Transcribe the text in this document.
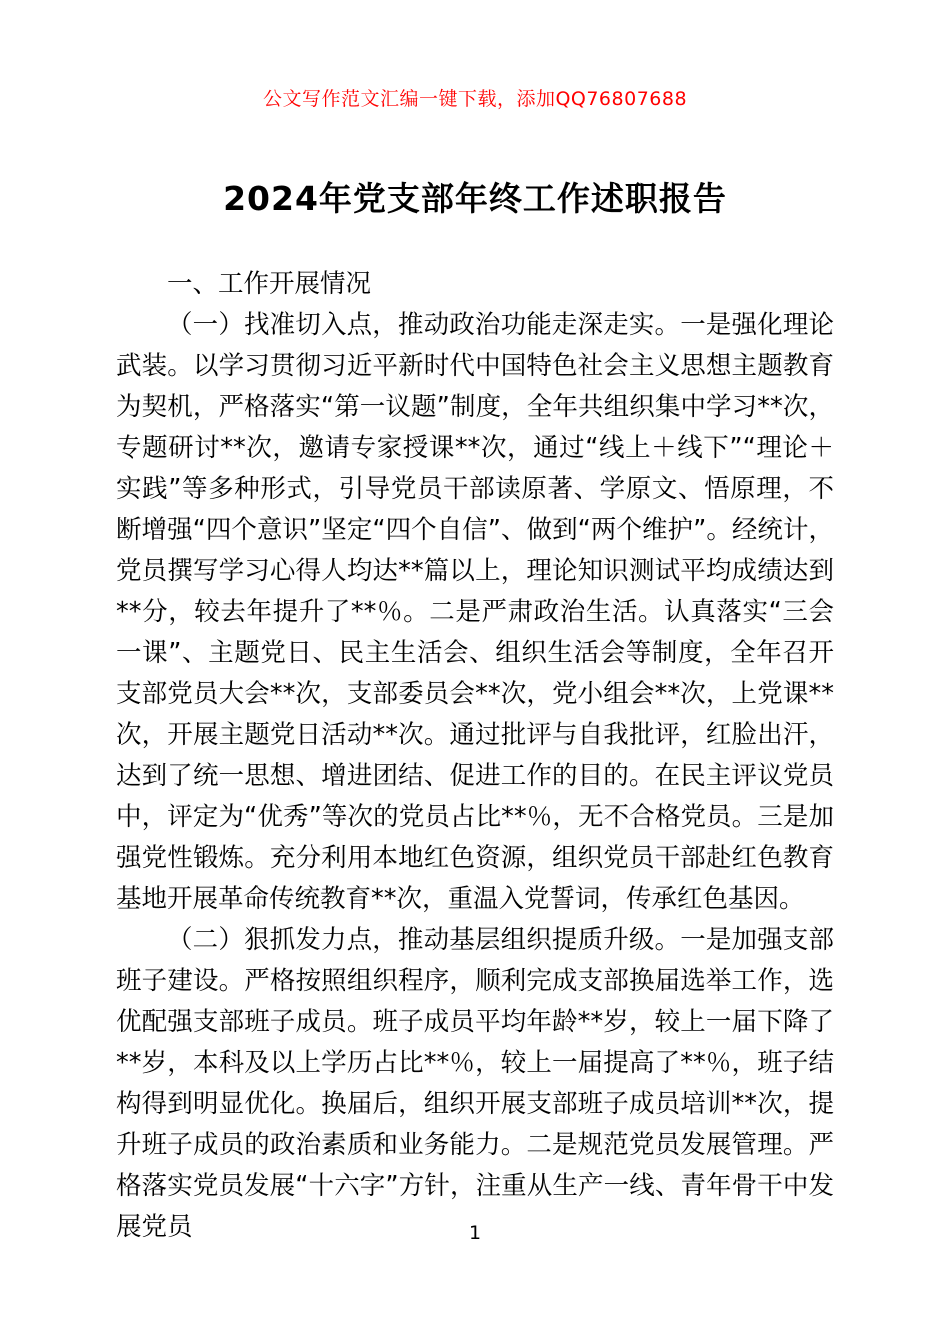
公文写作范文汇编一键下载，添加QQ76807688
2024年党支部年终工作述职报告

一、工作开展情况

（一）找准切入点，推动政治功能走深走实。一是强化理论武装。以学习贯彻习近平新时代中国特色社会主义思想主题教育为契机，严格落实“第一议题”制度，全年共组织集中学习**次，专题研讨**次，邀请专家授课**次，通过“线上＋线下”“理论＋实践”等多种形式，引导党员干部读原著、学原文、悟原理，不断增强“四个意识”坚定“四个自信”、做到“两个维护”。经统计，党员撰写学习心得人均达**篇以上，理论知识测试平均成绩达到**分，较去年提升了**％。二是严肃政治生活。认真落实“三会一课”、主题党日、民主生活会、组织生活会等制度，全年召开支部党员大会**次，支部委员会**次，党小组会**次，上党课**次，开展主题党日活动**次。通过批评与自我批评，红脸出汗，达到了统一思想、增进团结、促进工作的目的。在民主评议党员中，评定为“优秀”等次的党员占比**％，无不合格党员。三是加强党性锻炼。充分利用本地红色资源，组织党员干部赴红色教育基地开展革命传统教育**次，重温入党誓词，传承红色基因。

（二）狠抓发力点，推动基层组织提质升级。一是加强支部班子建设。严格按照组织程序，顺利完成支部换届选举工作，选优配强支部班子成员。班子成员平均年龄**岁，较上一届下降了**岁，本科及以上学历占比**％，较上一届提高了**％，班子结构得到明显优化。换届后，组织开展支部班子成员培训**次，提升班子成员的政治素质和业务能力。二是规范党员发展管理。严格落实党员发展“十六字”方针，注重从生产一线、青年骨干中发展党员	1
